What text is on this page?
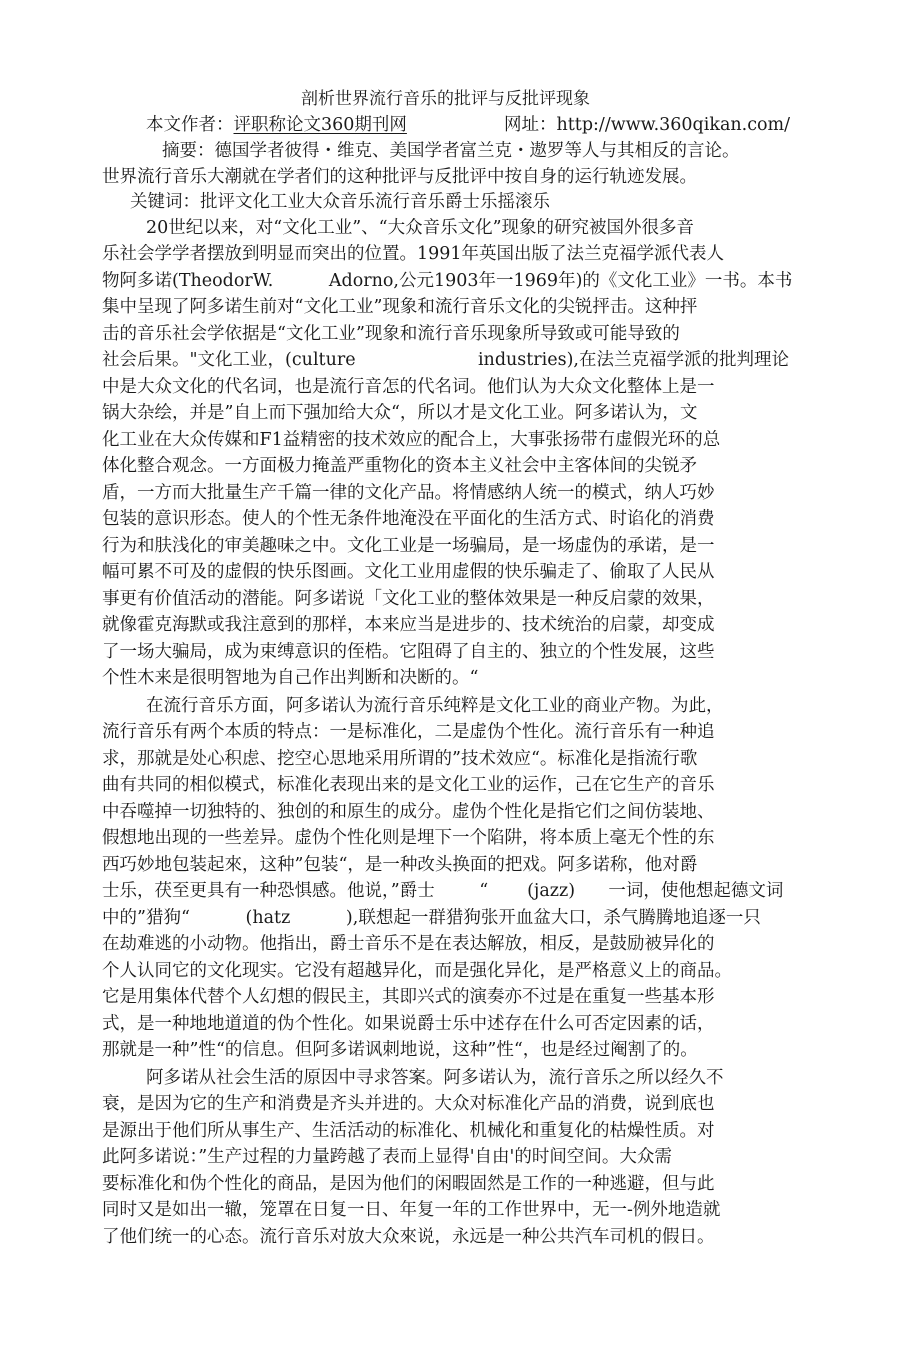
剖析世界流行音乐的批评与反批评现象
本文作者：评职称论文360期刊网	网址：http://www.360qikan.com/
摘要：德国学者彼得・维克、美国学者富兰克・遨罗等人与其相反的言论。
世界流行音乐大潮就在学者们的这种批评与反批评中按自身的运行轨迹发展。
关键词：批评文化工业大众音乐流行音乐爵士乐摇滚乐
20世纪以来，对“文化工业”、“大众音乐文化”现象的研究被国外很多音
乐社会学学者摆放到明显而突出的位置。1991年英国出版了法兰克福学派代表人
物阿多诺(TheodorW.          Adorno,公元1903年一1969年)的《文化工业》一书。本书
集中呈现了阿多诺生前对“文化工业”现象和流行音乐文化的尖锐抨击。这种抨
击的音乐社会学依据是“文化工业”现象和流行音乐现象所导致或可能导致的
社会后果。"文化工业，(culture                      industries),在法兰克福学派的批判理论
中是大众文化的代名词，也是流行音怎的代名词。他们认为大众文化整体上是一
锅大杂绘，并是”自上而下强加给大众“，所以才是文化工业。阿多诺认为，文
化工业在大众传媒和F1益精密的技术效应的配合上，大事张扬带冇虚假光环的总
体化整合观念。一方面极力掩盖严重物化的资本主义社会中主客体间的尖锐矛
盾，一方而大批量生产千篇一律的文化产品。将情感纳人统一的模式，纳人巧妙
包装的意识形态。使人的个性无条件地淹没在平面化的生活方式、时谄化的消费
行为和肤浅化的审美趣味之中。文化工业是一场骗局，是一场虚伪的承诺，是一
幅可累不可及的虚假的快乐图画。文化工业用虚假的快乐骗走了、偷取了人民从
事更有价值活动的潜能。阿多诺说「文化工业的整体效果是一种反启蒙的效果，
就像霍克海默或我注意到的那样，本来应当是进步的、技术统治的启蒙，却变成
了一场大骗局，成为束缚意识的侄梏。它阻碍了自主的、独立的个性发展，这些
个性木来是很明智地为自己作出判断和决断的。“
在流行音乐方面，阿多诺认为流行音乐纯粹是文化工业的商业产物。为此，
流行音乐有两个本质的特点：一是标准化，二是虚伪个性化。流行音乐有一种追
求，那就是处心积虑、挖空心思地采用所谓的”技术效应“。标准化是指流行歌
曲有共同的相似模式，标准化表现出来的是文化工业的运作，己在它生产的音乐
中吞噬掉一切独特的、独创的和原生的成分。虚伪个性化是指它们之间仿装地、
假想地出现的一些差异。虚伪个性化则是埋下一个陷阱，将本质上毫无个性的东
西巧妙地包装起來，这种”包装“，是一种改头换面的把戏。阿多诺称，他对爵
士乐，茯至更具有一种恐惧感。他说，”爵士        “       (jazz)      一词，使他想起德文词
中的”猎狗“          (hatz          ),联想起一群猎狗张开血盆大口，杀气腾腾地追逐一只
在劫难逃的小动物。他指出，爵士音乐不是在表达解放，相反，是鼓励被异化的
个人认同它的文化现实。它没有超越异化，而是强化异化，是严格意义上的商品。
它是用集体代替个人幻想的假民主，其即兴式的演奏亦不过是在重复一些基本形
式，是一种地地道道的伪个性化。如果说爵士乐中述存在什么可否定因素的话，
那就是一种”性“的信息。但阿多诺讽刺地说，这种”性“，也是经过阉割了的。
阿多诺从社会生活的原因中寻求答案。阿多诺认为，流行音乐之所以经久不
衰，是因为它的生产和消费是齐头并进的。大众对标准化产品的消费，说到底也
是源出于他们所从事生产、生活活动的标准化、机械化和重复化的枯燥性质。对
此阿多诺说：”生产过程的力量跨越了表而上显得'自由'的时间空间。大众需
要标准化和伪个性化的商品，是因为他们的闲暇固然是工作的一种逃避，但与此
同时又是如出一辙，笼罩在日复一日、年复一年的工作世界中，无一-例外地造就
了他们统一的心态。流行音乐对放大众來说，永远是一种公共汽车司机的假日。
